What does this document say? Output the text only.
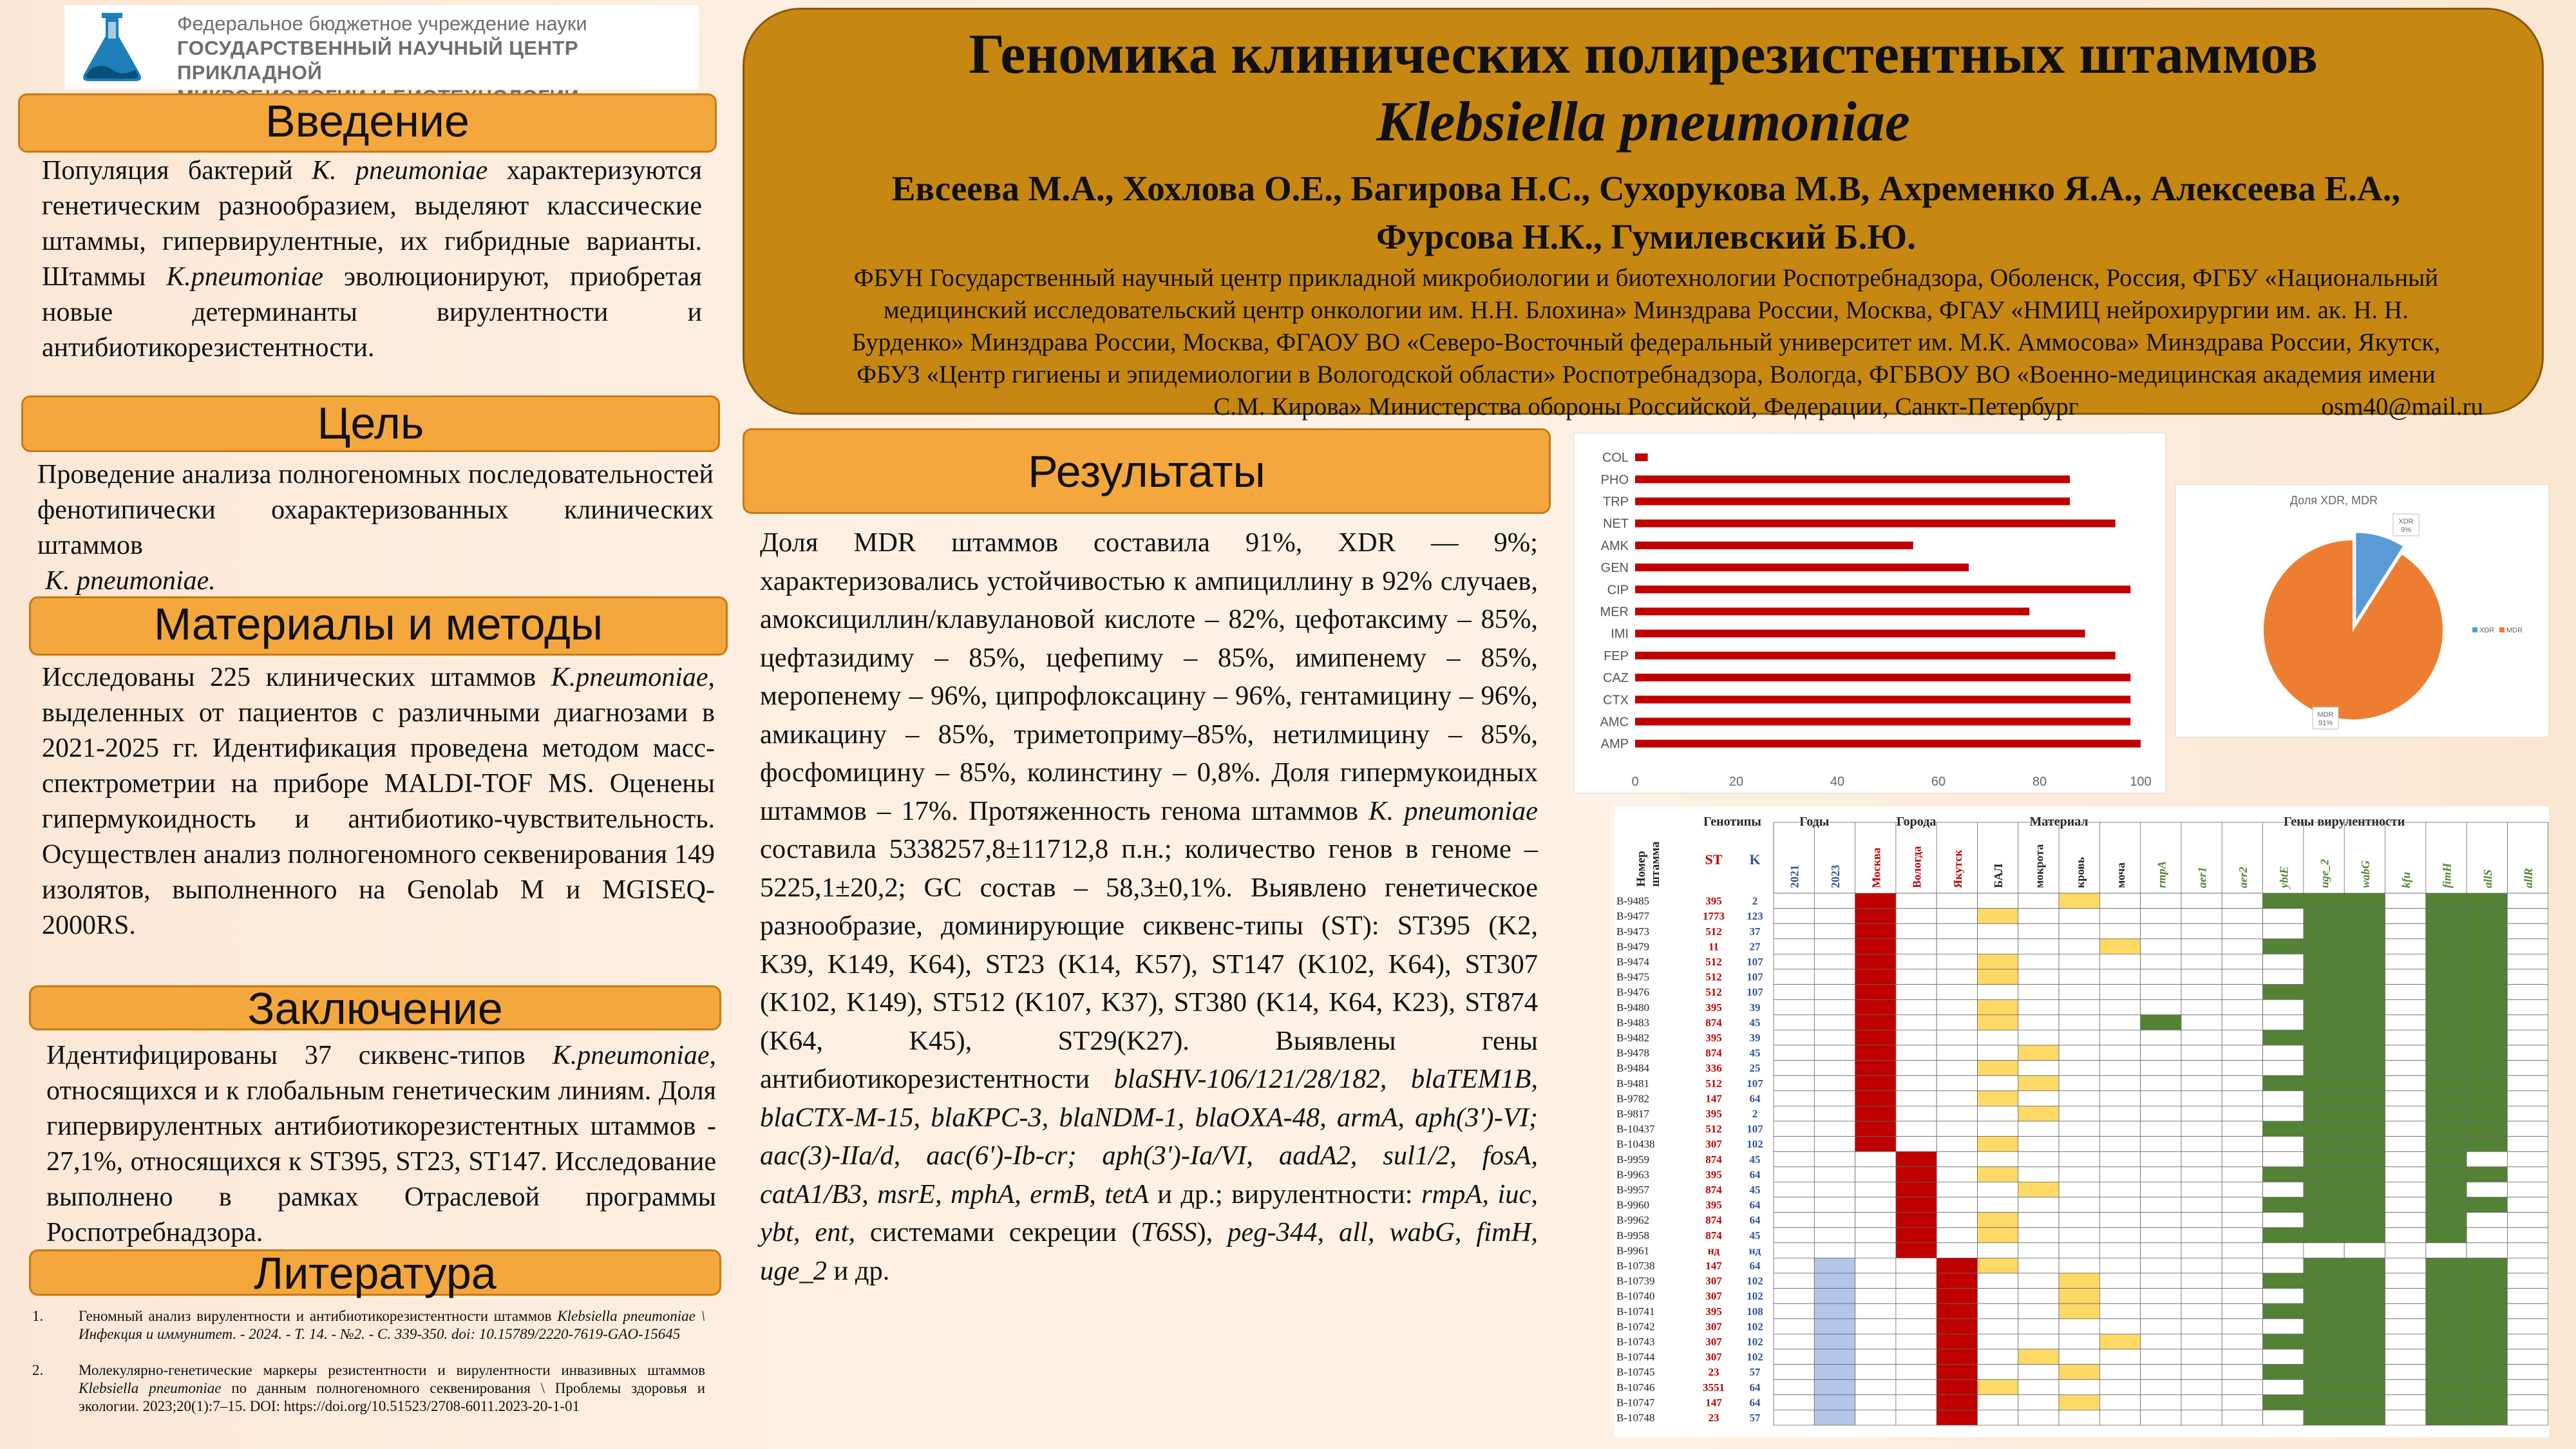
Федеральное бюджетное учреждение науки
ГОСУДАРСТВЕННЫЙ НАУЧНЫЙ ЦЕНТР ПРИКЛАДНОЙ	Геномика клинических полирезистентных штаммов
Klebsiella pneumoniae
Евсеева М.А., Хохлова О.Е., Багирова Н.С., Сухорукова М.В, Ахременко Я.А., Алексеева Е.А.,
Фурсова Н.К., Гумилевский Б.Ю.
ФБУН Государственный научный центр прикладной микробиологии и биотехнологии Роспотребнадзора, Оболенск, Россия, ФГБУ «Национальный
медицинский исследовательский центр онкологии им. Н.Н. Блохина» Минздрава России, Москва, ФГАУ «НМИЦ нейрохирургии им. ак. Н. Н.
Бурденко» Минздрава России, Москва, ФГАОУ ВО «Северо-Восточный федеральный университет им. М.К. Аммосова» Минздрава России, Якутск,
ФБУЗ «Центр гигиены и эпидемиологии в Вологодской области» Роспотребнадзора, Вологда, ФГБВОУ ВО «Военно-медицинская академия имени
С.М. Кирова» Министерства обороны Российской, Федерации, Санкт-Петербург	osm40@mail.ru
Введение
Популяция бактерий K. pneumoniae характеризуются генетическим разнообразием, выделяют классические штаммы, гипервирулентные, их гибридные варианты. Штаммы K.pneumoniae эволюционируют, приобретая новые детерминанты вирулентности и антибиотикорезистентности.
Цель
Проведение анализа полногеномных последовательностей фенотипически охарактеризованных клинических штаммов
K. pneumoniae.
Материалы и методы
Исследованы 225 клинических штаммов K.pneumoniae, выделенных от пациентов с различными диагнозами в 2021-2025 гг. Идентификация проведена методом масс-спектрометрии на приборе MALDI-TOF MS. Оценены гипермукоидность и антибиотико-чувствительность. Осуществлен анализ полногеномного секвенирования 149 изолятов, выполненного на Genolab M и MGISEQ-2000RS.
Заключение
Идентифицированы 37 сиквенс-типов K.pneumoniae, относящихся и к глобальным генетическим линиям. Доля гипервирулентных антибиотикорезистентных штаммов - 27,1%, относящихся к ST395, ST23, ST147. Исследование выполнено в рамках Отраслевой программы Роспотребнадзора.
Литература
1. Геномный анализ вирулентности и антибиотикорезистентности штаммов Klebsiella pneumoniae \ Инфекция и иммунитет. - 2024. - Т. 14. - №2. - С. 339-350. doi: 10.15789/2220-7619-GAO-15645
2. Молекулярно-генетические маркеры резистентности и вирулентности инвазивных штаммов Klebsiella pneumoniae по данным полногеномного секвенирования \ Проблемы здоровья и экологии. 2023;20(1):7–15. DOI: https://doi.org/10.51523/2708-6011.2023-20-1-01
Результаты
Доля MDR штаммов составила 91%, XDR — 9%; характеризовались устойчивостью к ампициллину в 92% случаев, амоксициллин/клавулановой кислоте – 82%, цефотаксиму – 85%, цефтазидиму – 85%, цефепиму – 85%, имипенему – 85%, меропенему – 96%, ципрофлоксацину – 96%, гентамицину – 96%, амикацину – 85%, триметоприму–85%, нетилмицину – 85%, фосфомицину – 85%, колинстину – 0,8%. Доля гипермукоидных штаммов – 17%. Протяженность генома штаммов K. pneumoniae составила 5338257,8±11712,8 п.н.; количество генов в геноме – 5225,1±20,2; GC состав – 58,3±0,1%. Выявлено генетическое разнообразие, доминирующие сиквенс-типы (ST): ST395 (K2, K39, K149, K64), ST23 (K14, K57), ST147 (K102, K64), ST307 (K102, K149), ST512 (K107, K37), ST380 (K14, K64, K23), ST874 (K64, K45), ST29(K27). Выявлены гены антибиотикорезистентности blaSHV-106/121/28/182, blaTEM1B, blaCTX-M-15, blaKPC-3, blaNDM-1, blaOXA-48, armA, aph(3')-VI; aac(3)-IIa/d, aac(6')-Ib-cr; aph(3')-Ia/VI, aadA2, sul1/2, fosA, catA1/B3, msrE, mphA, ermB, tetA и др.; вирулентности: rmpA, iuc, ybt, ent, системами секреции (T6SS), peg-344, all, wabG, fimH, uge_2 и др.
0	20	40	60	80	100
COL
PHO
TRP
NET
AMK
GEN
CIP
MER
IMI
FEP
CAZ
CTX
AMC
AMP
Доля XDR, MDR
XDR
9%
MDR
91%
XDR MDR
Генотипы	Годы	Города	Материал	Гены вирулентности
Номер штамма	ST K
2021 2023 Москва Вологда Якутск БАЛ мокрота кровь моча rmpA aer1 aer2 ybtE uge_2 wabG kfu fimH allS allR
B-9485	395	2
B-9477	1773 123
B-9473	512	37
B-9479	11	27
B-9474	512 107
B-9475	512 107
B-9476	512 107
B-9480	395	39
B-9483	874	45
B-9482	395	39
B-9478	874	45
B-9484	336	25
B-9481	512 107
B-9782	147	64
B-9817	395	2
B-10437	512 107
B-10438	307 102
B-9959	874	45
B-9963	395	64
B-9957	874	45
B-9960	395	64
B-9962	874	64
B-9958	874	45
B-9961	нд	нд
B-10738	147	64
B-10739	307 102
B-10740	307 102
B-10741	395 108
B-10742	307 102
B-10743	307 102
B-10744	307 102
B-10745	23	57
B-10746	3551 64
B-10747	147	64
B-10748	23	57
